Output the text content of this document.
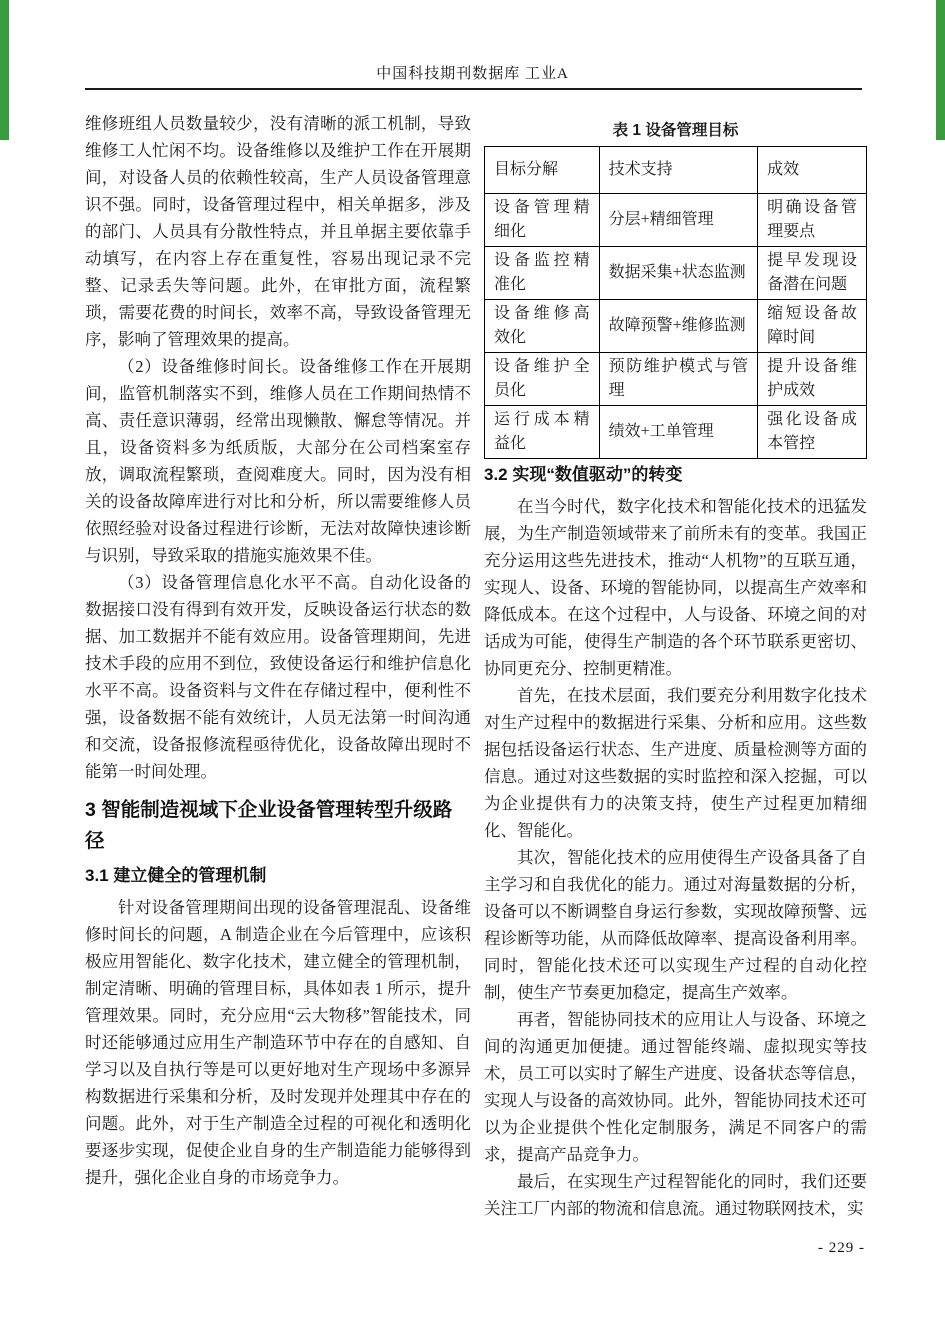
中国科技期刊数据库 工业A

维修班组人员数量较少，没有清晰的派工机制，导致维修工人忙闲不均。设备维修以及维护工作在开展期间，对设备人员的依赖性较高，生产人员设备管理意识不强。同时，设备管理过程中，相关单据多，涉及的部门、人员具有分散性特点，并且单据主要依靠手动填写，在内容上存在重复性，容易出现记录不完整、记录丢失等问题。此外，在审批方面，流程繁琐，需要花费的时间长，效率不高，导致设备管理无序，影响了管理效果的提高。

（2）设备维修时间长。设备维修工作在开展期间，监管机制落实不到，维修人员在工作期间热情不高、责任意识薄弱，经常出现懒散、懈怠等情况。并且，设备资料多为纸质版，大部分在公司档案室存放，调取流程繁琐，查阅难度大。同时，因为没有相关的设备故障库进行对比和分析，所以需要维修人员依照经验对设备过程进行诊断，无法对故障快速诊断与识别，导致采取的措施实施效果不佳。

（3）设备管理信息化水平不高。自动化设备的数据接口没有得到有效开发，反映设备运行状态的数据、加工数据并不能有效应用。设备管理期间，先进技术手段的应用不到位，致使设备运行和维护信息化水平不高。设备资料与文件在存储过程中，便利性不强，设备数据不能有效统计，人员无法第一时间沟通和交流，设备报修流程亟待优化，设备故障出现时不能第一时间处理。

3 智能制造视域下企业设备管理转型升级路径
3.1 建立健全的管理机制

针对设备管理期间出现的设备管理混乱、设备维修时间长的问题，A 制造企业在今后管理中，应该积极应用智能化、数字化技术，建立健全的管理机制，制定清晰、明确的管理目标，具体如表 1 所示，提升管理效果。同时，充分应用“云大物移”智能技术，同时还能够通过应用生产制造环节中存在的自感知、自学习以及自执行等是可以更好地对生产现场中多源异构数据进行采集和分析，及时发现并处理其中存在的问题。此外，对于生产制造全过程的可视化和透明化要逐步实现，促使企业自身的生产制造能力能够得到提升，强化企业自身的市场竞争力。

表 1 设备管理目标
目标分解	技术支持	成效
设备管理精细化	分层+精细管理	明确设备管理要点
设备监控精准化	数据采集+状态监测	提早发现设备潜在问题
设备维修高效化	故障预警+维修监测	缩短设备故障时间
设备维护全员化	预防维护模式与管理	提升设备维护成效
运行成本精益化	绩效+工单管理	强化设备成本管控
3.2 实现“数值驱动”的转变

在当今时代，数字化技术和智能化技术的迅猛发展，为生产制造领域带来了前所未有的变革。我国正充分运用这些先进技术，推动“人机物”的互联互通，实现人、设备、环境的智能协同，以提高生产效率和降低成本。在这个过程中，人与设备、环境之间的对话成为可能，使得生产制造的各个环节联系更密切、协同更充分、控制更精准。

首先，在技术层面，我们要充分利用数字化技术对生产过程中的数据进行采集、分析和应用。这些数据包括设备运行状态、生产进度、质量检测等方面的信息。通过对这些数据的实时监控和深入挖掘，可以为企业提供有力的决策支持，使生产过程更加精细化、智能化。

其次，智能化技术的应用使得生产设备具备了自主学习和自我优化的能力。通过对海量数据的分析，设备可以不断调整自身运行参数，实现故障预警、远程诊断等功能，从而降低故障率、提高设备利用率。同时，智能化技术还可以实现生产过程的自动化控制，使生产节奏更加稳定，提高生产效率。

再者，智能协同技术的应用让人与设备、环境之间的沟通更加便捷。通过智能终端、虚拟现实等技术，员工可以实时了解生产进度、设备状态等信息，实现人与设备的高效协同。此外，智能协同技术还可以为企业提供个性化定制服务，满足不同客户的需求，提高产品竞争力。

最后，在实现生产过程智能化的同时，我们还要关注工厂内部的物流和信息流。通过物联网技术，实

- 229 -
